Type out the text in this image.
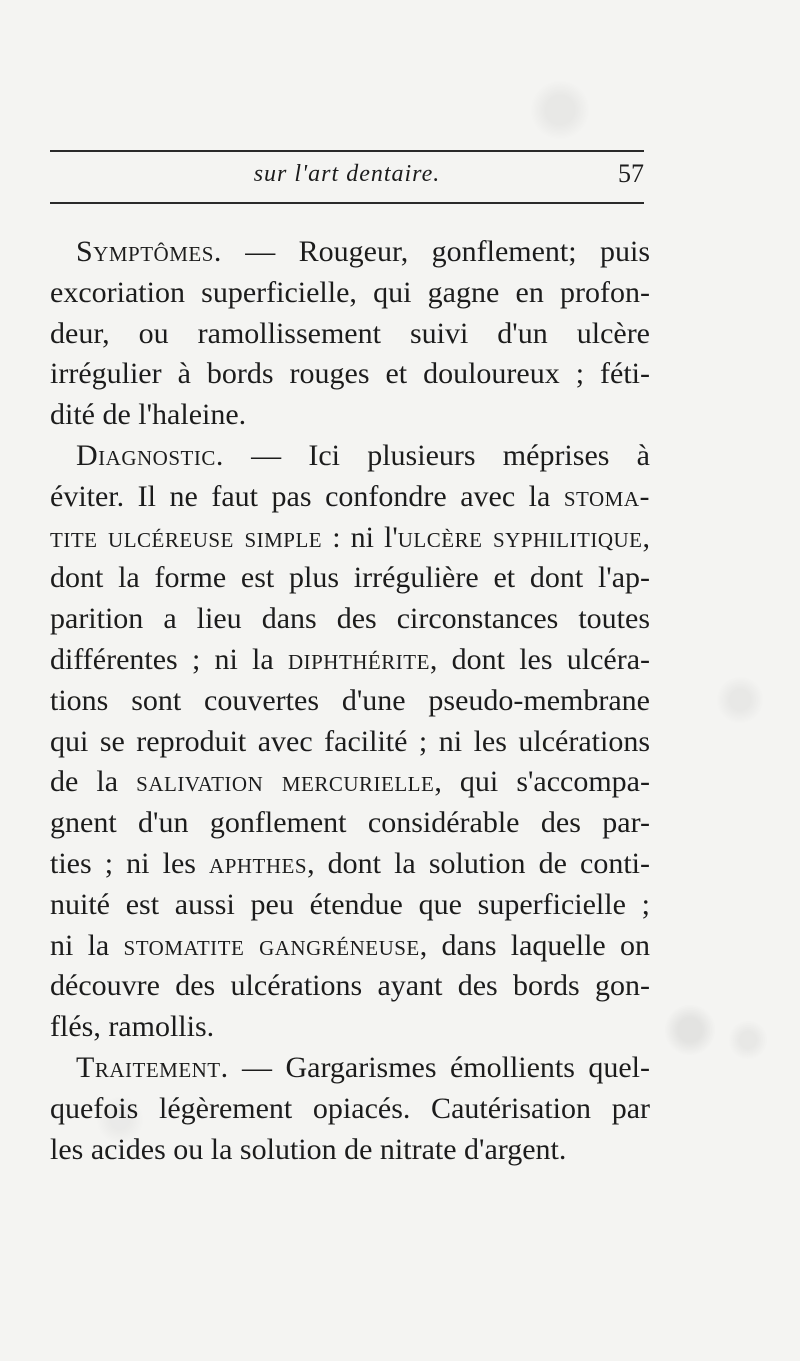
sur l'art dentaire.	57
Symptômes. — Rougeur, gonflement; puis
excoriation superficielle, qui gagne en profon-
deur, ou ramollissement suivi d'un ulcère
irrégulier à bords rouges et douloureux ; féti-
dité de l'haleine.
Diagnostic. — Ici plusieurs méprises à
éviter. Il ne faut pas confondre avec la stoma-
tite ulcéreuse simple : ni l'ulcère syphilitique,
dont la forme est plus irrégulière et dont l'ap-
parition a lieu dans des circonstances toutes
différentes ; ni la diphthérite, dont les ulcéra-
tions sont couvertes d'une pseudo-membrane
qui se reproduit avec facilité ; ni les ulcérations
de la salivation mercurielle, qui s'accompa-
gnent d'un gonflement considérable des par-
ties ; ni les aphthes, dont la solution de conti-
nuité est aussi peu étendue que superficielle ;
ni la stomatite gangréneuse, dans laquelle on
découvre des ulcérations ayant des bords gon-
flés, ramollis.
Traitement. — Gargarismes émollients quel-
quefois légèrement opiacés. Cautérisation par
les acides ou la solution de nitrate d'argent.
